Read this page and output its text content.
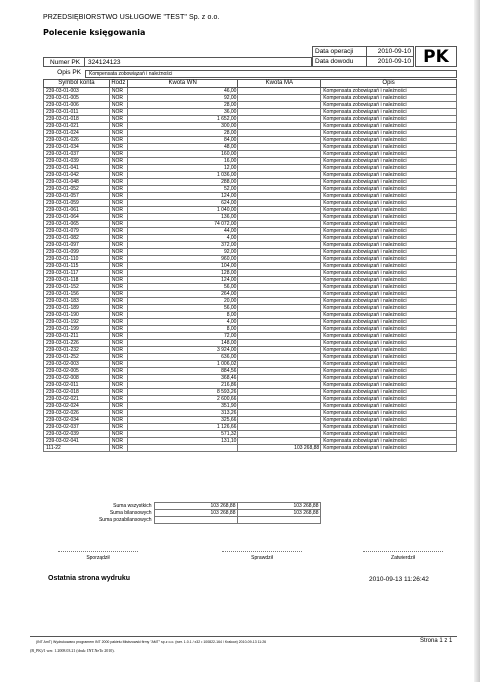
PRZEDSIĘBIORSTWO USŁUGOWE "TEST" Sp. z o.o.
Polecenie księgowania
Data operacji	2010-09-10
Data dowodu	2010-09-10 PK
Numer PK	324124123
Opis PK	Kompensata zobowiązań i należności
Symbol konta	Rodz	Kwota WN	Kwota MA	Opis
239-03-01-003	NOR	46,00		Kompensata zobowiązań i należności
239-03-01-005	NOR	92,00		Kompensata zobowiązań i należności
239-03-01-006	NOR	28,00		Kompensata zobowiązań i należności
239-03-01-011	NOR	36,00		Kompensata zobowiązań i należności
239-03-01-018	NOR	1 652,00		Kompensata zobowiązań i należności
239-03-01-021	NOR	300,00		Kompensata zobowiązań i należności
239-03-01-024	NOR	28,00		Kompensata zobowiązań i należności
239-03-01-026	NOR	84,00		Kompensata zobowiązań i należności
239-03-01-034	NOR	48,00		Kompensata zobowiązań i należności
239-03-01-037	NOR	160,00		Kompensata zobowiązań i należności
239-03-01-039	NOR	16,00		Kompensata zobowiązań i należności
239-03-01-041	NOR	12,00		Kompensata zobowiązań i należności
239-03-01-042	NOR	1 036,00		Kompensata zobowiązań i należności
239-03-01-048	NOR	288,00		Kompensata zobowiązań i należności
239-03-01-052	NOR	52,00		Kompensata zobowiązań i należności
239-03-01-057	NOR	124,00		Kompensata zobowiązań i należności
239-03-01-059	NOR	624,00		Kompensata zobowiązań i należności
239-03-01-061	NOR	1 040,00		Kompensata zobowiązań i należności
239-03-01-064	NOR	136,00		Kompensata zobowiązań i należności
239-03-01-065	NOR	74 072,00		Kompensata zobowiązań i należności
239-03-01-079	NOR	44,00		Kompensata zobowiązań i należności
239-03-01-082	NOR	4,00		Kompensata zobowiązań i należności
239-03-01-097	NOR	372,00		Kompensata zobowiązań i należności
239-03-01-099	NOR	92,00		Kompensata zobowiązań i należności
239-03-01-110	NOR	960,00		Kompensata zobowiązań i należności
239-03-01-115	NOR	104,00		Kompensata zobowiązań i należności
239-03-01-117	NOR	128,00		Kompensata zobowiązań i należności
239-03-01-118	NOR	124,00		Kompensata zobowiązań i należności
239-03-01-152	NOR	56,00		Kompensata zobowiązań i należności
239-03-01-156	NOR	264,00		Kompensata zobowiązań i należności
239-03-01-183	NOR	20,00		Kompensata zobowiązań i należności
239-03-01-189	NOR	56,00		Kompensata zobowiązań i należności
239-03-01-190	NOR	8,00		Kompensata zobowiązań i należności
239-03-01-192	NOR	4,00		Kompensata zobowiązań i należności
239-03-01-199	NOR	8,00		Kompensata zobowiązań i należności
239-03-01-211	NOR	72,00		Kompensata zobowiązań i należności
239-03-01-226	NOR	148,00		Kompensata zobowiązań i należności
239-03-01-232	NOR	3 924,00		Kompensata zobowiązań i należności
239-03-01-252	NOR	636,00		Kompensata zobowiązań i należności
239-03-02-003	NOR	1 006,02		Kompensata zobowiązań i należności
239-03-02-005	NOR	884,56		Kompensata zobowiązań i należności
239-03-02-008	NOR	368,46		Kompensata zobowiązań i należności
239-03-02-011	NOR	216,86		Kompensata zobowiązań i należności
239-03-02-018	NOR	8 593,26		Kompensata zobowiązań i należności
239-03-02-021	NOR	2 600,66		Kompensata zobowiązań i należności
239-03-02-024	NOR	351,90		Kompensata zobowiązań i należności
239-03-02-026	NOR	313,26		Kompensata zobowiązań i należności
239-03-02-034	NOR	325,66		Kompensata zobowiązań i należności
239-03-02-037	NOR	1 126,66		Kompensata zobowiązań i należności
239-03-02-039	NOR	571,32		Kompensata zobowiązań i należności
239-03-02-041	NOR	131,10		Kompensata zobowiązań i należności
111-22	NOR		103 268,88	Kompensata zobowiązań i należności
Suma wszystkich	103 268,88	103 268,88	
Suma bilansowych	103 268,88	103 268,88	
Suma pozabilansowych			
Sporządził	Sprawdził	Zatwierdził
Ostatnia strona wydruku	2010-09-13 11:26:42
(INT AmT) Wydrukowano programem INT 2000 pakietu Mistrzowski firmy "AMT" sp.z o.o. (wer. 1.0.1 / x32 • 100822-164 / Krakow) 2010-09-13 11:26	Strona 1 z 1
(B_PK)/1 wer. 1.2008.03.21 (druk: INT.NeTo 2010).
